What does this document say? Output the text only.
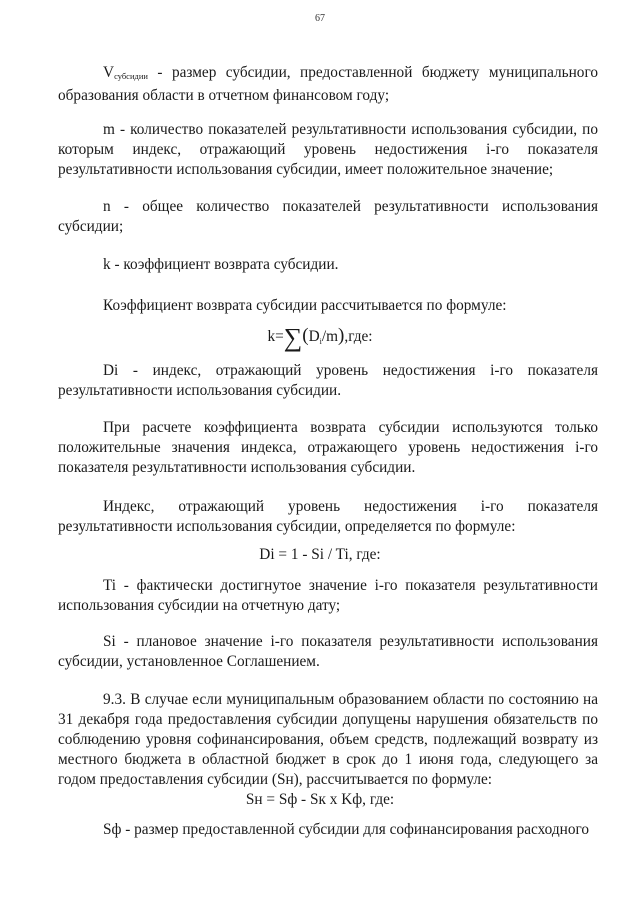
67
$V_{субсидии}$ - размер субсидии, предоставленной бюджету муниципального образования области в отчетном финансовом году;
m - количество показателей результативности использования субсидии, по которым индекс, отражающий уровень недостижения i-го показателя результативности использования субсидии, имеет положительное значение;
n - общее количество показателей результативности использования субсидии;
k - коэффициент возврата субсидии.
Коэффициент возврата субсидии рассчитывается по формуле:
k=∑(Di/m),где:
Di - индекс, отражающий уровень недостижения i-го показателя результативности использования субсидии.
При расчете коэффициента возврата субсидии используются только положительные значения индекса, отражающего уровень недостижения i-го показателя результативности использования субсидии.
Индекс, отражающий уровень недостижения i-го показателя результативности использования субсидии, определяется по формуле:
Di = 1 - Si / Ti, где:
Ti - фактически достигнутое значение i-го показателя результативности использования субсидии на отчетную дату;
Si - плановое значение i-го показателя результативности использования субсидии, установленное Соглашением.
9.3. В случае если муниципальным образованием области по состоянию на 31 декабря года предоставления субсидии допущены нарушения обязательств по соблюдению уровня софинансирования, объем средств, подлежащий возврату из местного бюджета в областной бюджет в срок до 1 июня года, следующего за годом предоставления субсидии (Sн), рассчитывается по формуле:
Sн = Sф - Sк x Kф, где:
Sф - размер предоставленной субсидии для софинансирования расходного
